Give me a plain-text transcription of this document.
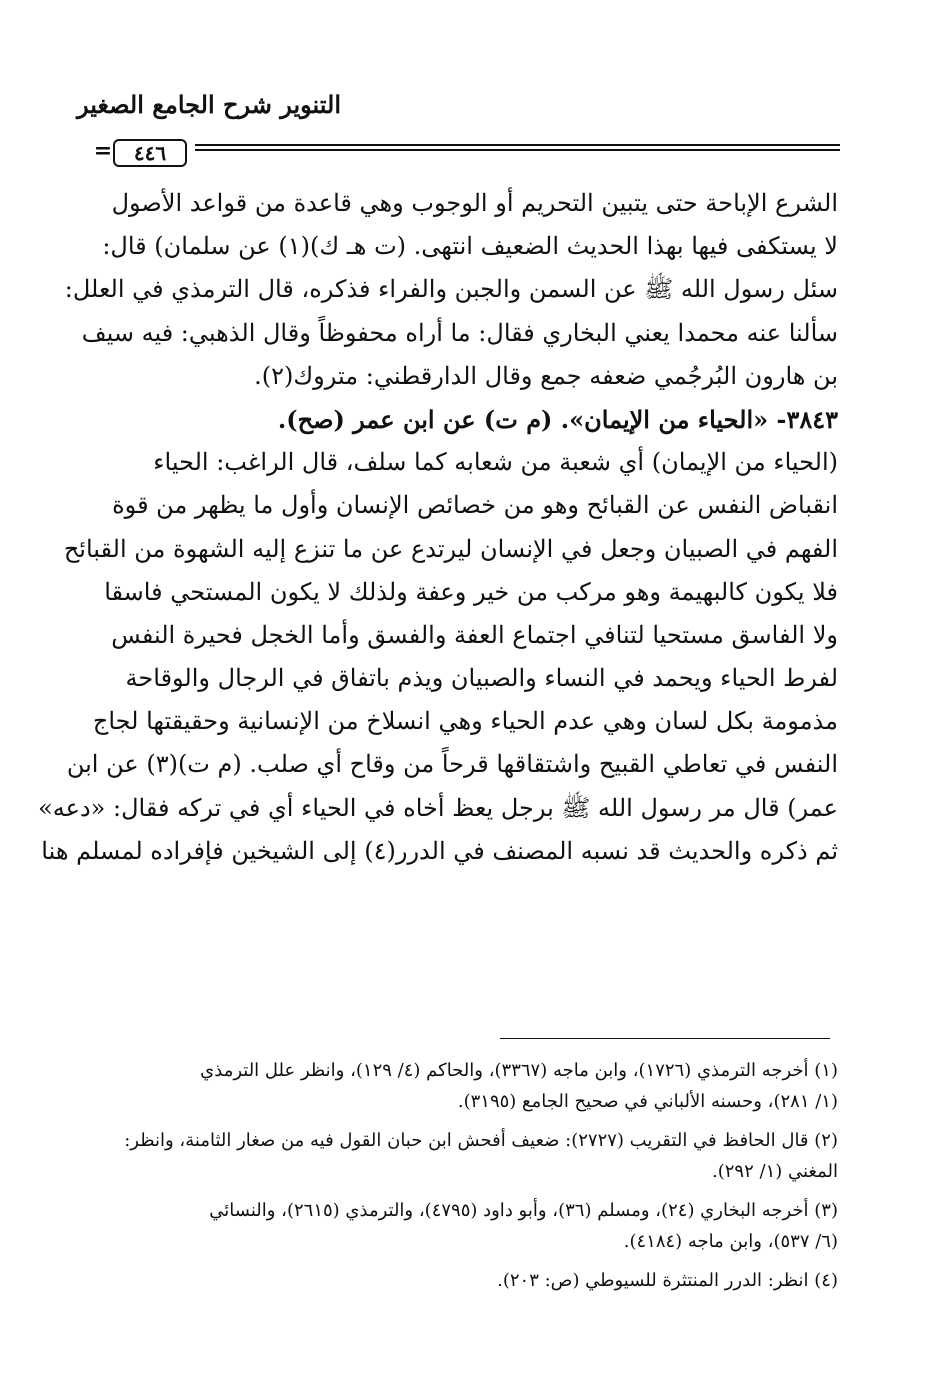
التنوير شرح الجامع الصغير
=	٤٤٦
الشرع الإباحة حتى يتبين التحريم أو الوجوب وهي قاعدة من قواعد الأصول
لا يستكفى فيها بهذا الحديث الضعيف انتهى. (ت هـ ك)(١) عن سلمان) قال:
سئل رسول الله ﷺ عن السمن والجبن والفراء فذكره، قال الترمذي في العلل:
سألنا عنه محمدا يعني البخاري فقال: ما أراه محفوظاً وقال الذهبي: فيه سيف
بن هارون البُرجُمي ضعفه جمع وقال الدارقطني: متروك(٢).
٣٨٤٣- «الحياء من الإيمان». (م ت) عن ابن عمر (صح).
(الحياء من الإيمان) أي شعبة من شعابه كما سلف، قال الراغب: الحياء
انقباض النفس عن القبائح وهو من خصائص الإنسان وأول ما يظهر من قوة
الفهم في الصبيان وجعل في الإنسان ليرتدع عن ما تنزع إليه الشهوة من القبائح
فلا يكون كالبهيمة وهو مركب من خير وعفة ولذلك لا يكون المستحي فاسقا
ولا الفاسق مستحيا لتنافي اجتماع العفة والفسق وأما الخجل فحيرة النفس
لفرط الحياء ويحمد في النساء والصبيان ويذم باتفاق في الرجال والوقاحة
مذمومة بكل لسان وهي عدم الحياء وهي انسلاخ من الإنسانية وحقيقتها لجاج
النفس في تعاطي القبيح واشتقاقها قرحاً من وقاح أي صلب. (م ت)(٣) عن ابن
عمر) قال مر رسول الله ﷺ برجل يعظ أخاه في الحياء أي في تركه فقال: «دعه»
ثم ذكره والحديث قد نسبه المصنف في الدرر(٤) إلى الشيخين فإفراده لمسلم هنا
(١) أخرجه الترمذي (١٧٢٦)، وابن ماجه (٣٣٦٧)، والحاكم (٤/ ١٢٩)، وانظر علل الترمذي
(١/ ٢٨١)، وحسنه الألباني في صحيح الجامع (٣١٩٥).
(٢) قال الحافظ في التقريب (٢٧٢٧): ضعيف أفحش ابن حبان القول فيه من صغار الثامنة، وانظر:
المغني (١/ ٢٩٢).
(٣) أخرجه البخاري (٢٤)، ومسلم (٣٦)، وأبو داود (٤٧٩٥)، والترمذي (٢٦١٥)، والنسائي
(٦/ ٥٣٧)، وابن ماجه (٤١٨٤).
(٤) انظر: الدرر المنتثرة للسيوطي (ص: ٢٠٣).
